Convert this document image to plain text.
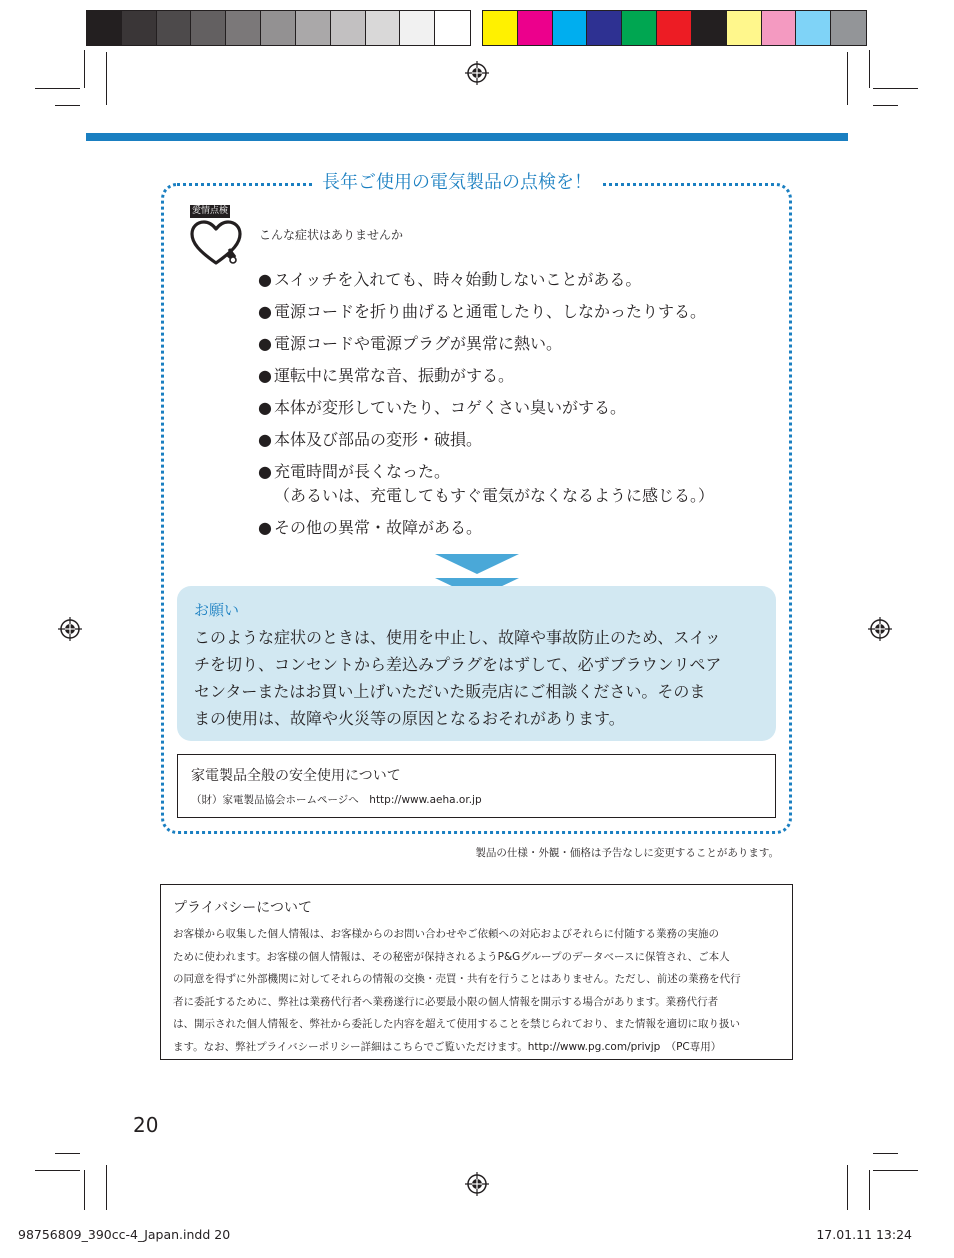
長年ご使用の電気製品の点検を！
愛情点検
こんな症状はありませんか
● スイッチを入れても、時々始動しないことがある。
● 電源コードを折り曲げると通電したり、しなかったりする。
● 電源コードや電源プラグが異常に熱い。
● 運転中に異常な音、振動がする。
● 本体が変形していたり、コゲくさい臭いがする。
● 本体及び部品の変形・破損。
● 充電時間が長くなった。
（あるいは、充電してもすぐ電気がなくなるように感じる。）
● その他の異常・故障がある。
お願い
このような症状のときは、使用を中止し、故障や事故防止のため、スイッ
チを切り、コンセントから差込みプラグをはずして、必ずブラウンリペア
センターまたはお買い上げいただいた販売店にご相談ください。そのま
まの使用は、故障や火災等の原因となるおそれがあります。
家電製品全般の安全使用について
（財）家電製品協会ホームページへ　http://www.aeha.or.jp
製品の仕様・外観・価格は予告なしに変更することがあります。
プライバシーについて
お客様から収集した個人情報は、お客様からのお問い合わせやご依頼への対応およびそれらに付随する業務の実施の
ために使われます。お客様の個人情報は、その秘密が保持されるようP&Gグループのデータベースに保管され、ご本人
の同意を得ずに外部機関に対してそれらの情報の交換・売買・共有を行うことはありません。ただし、前述の業務を代行
者に委託するために、弊社は業務代行者へ業務遂行に必要最小限の個人情報を開示する場合があります。業務代行者
は、開示された個人情報を、弊社から委託した内容を超えて使用することを禁じられており、また情報を適切に取り扱い
ます。なお、弊社プライバシーポリシー詳細はこちらでご覧いただけます。http://www.pg.com/privjp　（PC専用）
20
98756809_390cc-4_Japan.indd 20	17.01.11 13:24
